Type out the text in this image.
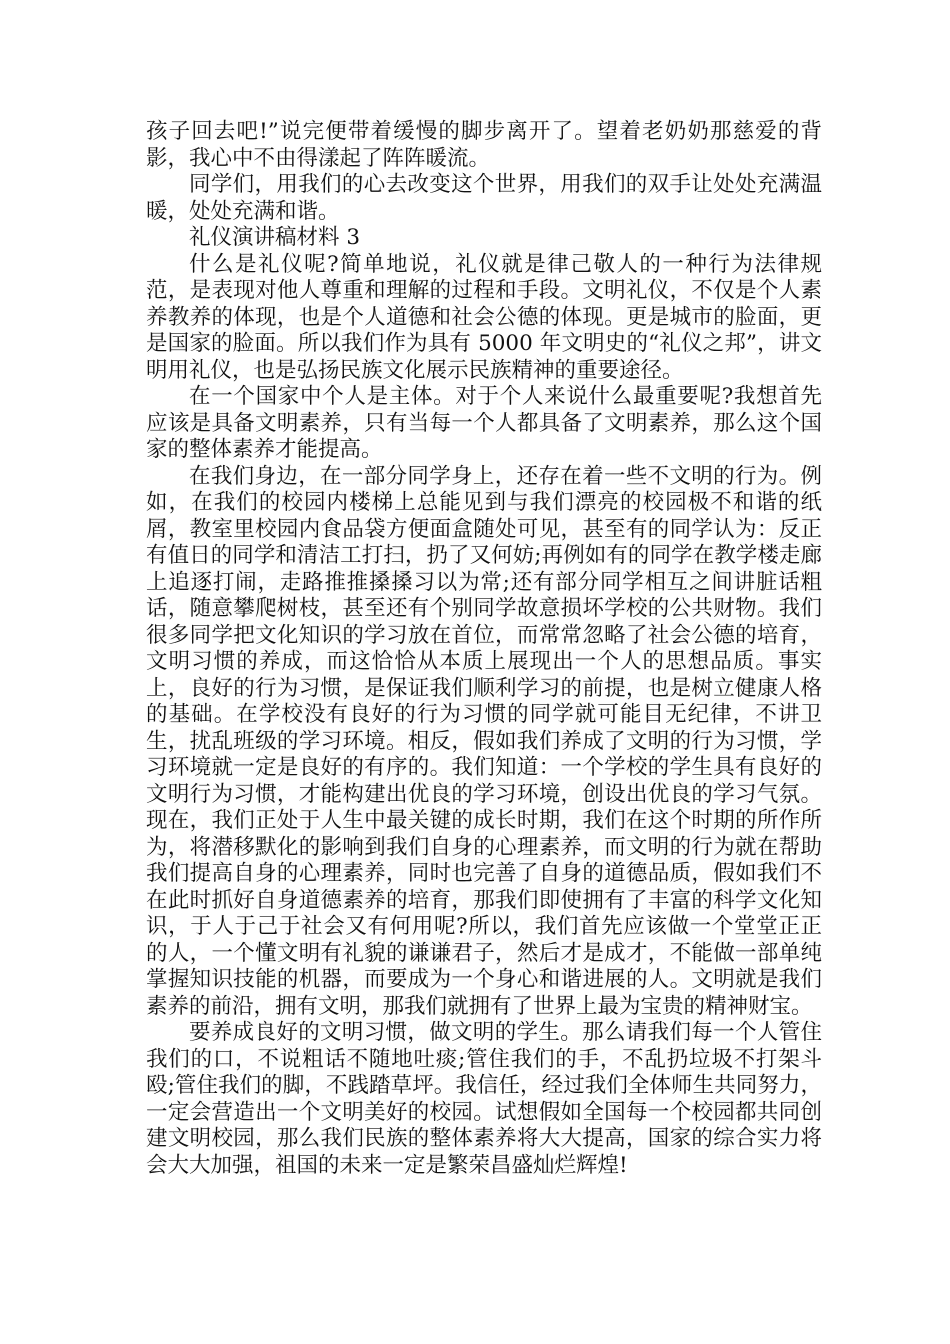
孩子回去吧!”说完便带着缓慢的脚步离开了。望着老奶奶那慈爱的背影，我心中不由得漾起了阵阵暖流。

同学们，用我们的心去改变这个世界，用我们的双手让处处充满温暖，处处充满和谐。

礼仪演讲稿材料 3

什么是礼仪呢?简单地说，礼仪就是律己敬人的一种行为法律规范，是表现对他人尊重和理解的过程和手段。文明礼仪，不仅是个人素养教养的体现，也是个人道德和社会公德的体现。更是城市的脸面，更是国家的脸面。所以我们作为具有 5000 年文明史的“礼仪之邦”，讲文明用礼仪，也是弘扬民族文化展示民族精神的重要途径。

在一个国家中个人是主体。对于个人来说什么最重要呢?我想首先应该是具备文明素养，只有当每一个人都具备了文明素养，那么这个国家的整体素养才能提高。

在我们身边，在一部分同学身上，还存在着一些不文明的行为。例如，在我们的校园内楼梯上总能见到与我们漂亮的校园极不和谐的纸屑，教室里校园内食品袋方便面盒随处可见，甚至有的同学认为：反正有值日的同学和清洁工打扫，扔了又何妨;再例如有的同学在教学楼走廊上追逐打闹，走路推推搡搡习以为常;还有部分同学相互之间讲脏话粗话，随意攀爬树枝，甚至还有个别同学故意损坏学校的公共财物。我们很多同学把文化知识的学习放在首位，而常常忽略了社会公德的培育，文明习惯的养成，而这恰恰从本质上展现出一个人的思想品质。事实上，良好的行为习惯，是保证我们顺利学习的前提，也是树立健康人格的基础。在学校没有良好的行为习惯的同学就可能目无纪律，不讲卫生，扰乱班级的学习环境。相反，假如我们养成了文明的行为习惯，学习环境就一定是良好的有序的。我们知道：一个学校的学生具有良好的文明行为习惯，才能构建出优良的学习环境，创设出优良的学习气氛。现在，我们正处于人生中最关键的成长时期，我们在这个时期的所作所为，将潜移默化的影响到我们自身的心理素养，而文明的行为就在帮助我们提高自身的心理素养，同时也完善了自身的道德品质，假如我们不在此时抓好自身道德素养的培育，那我们即使拥有了丰富的科学文化知识，于人于己于社会又有何用呢?所以，我们首先应该做一个堂堂正正的人，一个懂文明有礼貌的谦谦君子，然后才是成才，不能做一部单纯掌握知识技能的机器，而要成为一个身心和谐进展的人。文明就是我们素养的前沿，拥有文明，那我们就拥有了世界上最为宝贵的精神财宝。

要养成良好的文明习惯，做文明的学生。那么请我们每一个人管住我们的口，不说粗话不随地吐痰;管住我们的手，不乱扔垃圾不打架斗殴;管住我们的脚，不践踏草坪。我信任，经过我们全体师生共同努力，一定会营造出一个文明美好的校园。试想假如全国每一个校园都共同创建文明校园，那么我们民族的整体素养将大大提高，国家的综合实力将会大大加强，祖国的未来一定是繁荣昌盛灿烂辉煌!
